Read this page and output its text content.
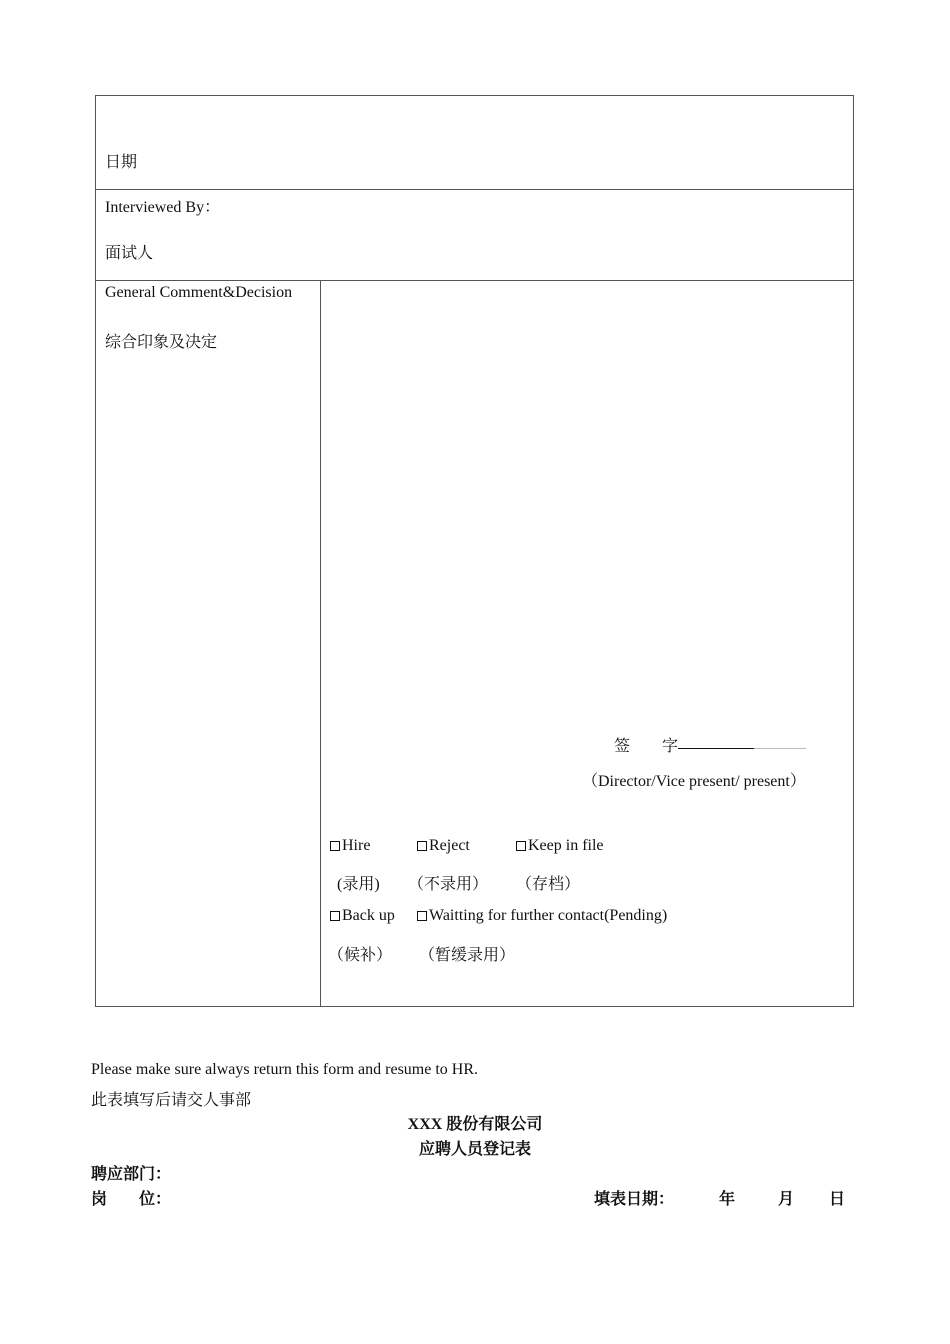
日期
Interviewed By：
面试人
General Comment&Decision
综合印象及决定
签　　字
（Director/Vice present/ present）
Hire	Reject	Keep in file
(录用) （不录用） （存档）
Back up	Waitting for further contact(Pending)
（候补） （暂缓录用）
Please make sure always return this form and resume to HR.
此表填写后请交人事部
XXX 股份有限公司
应聘人员登记表
聘应部门：
岗　　位：	填表日期：	年	月 日
